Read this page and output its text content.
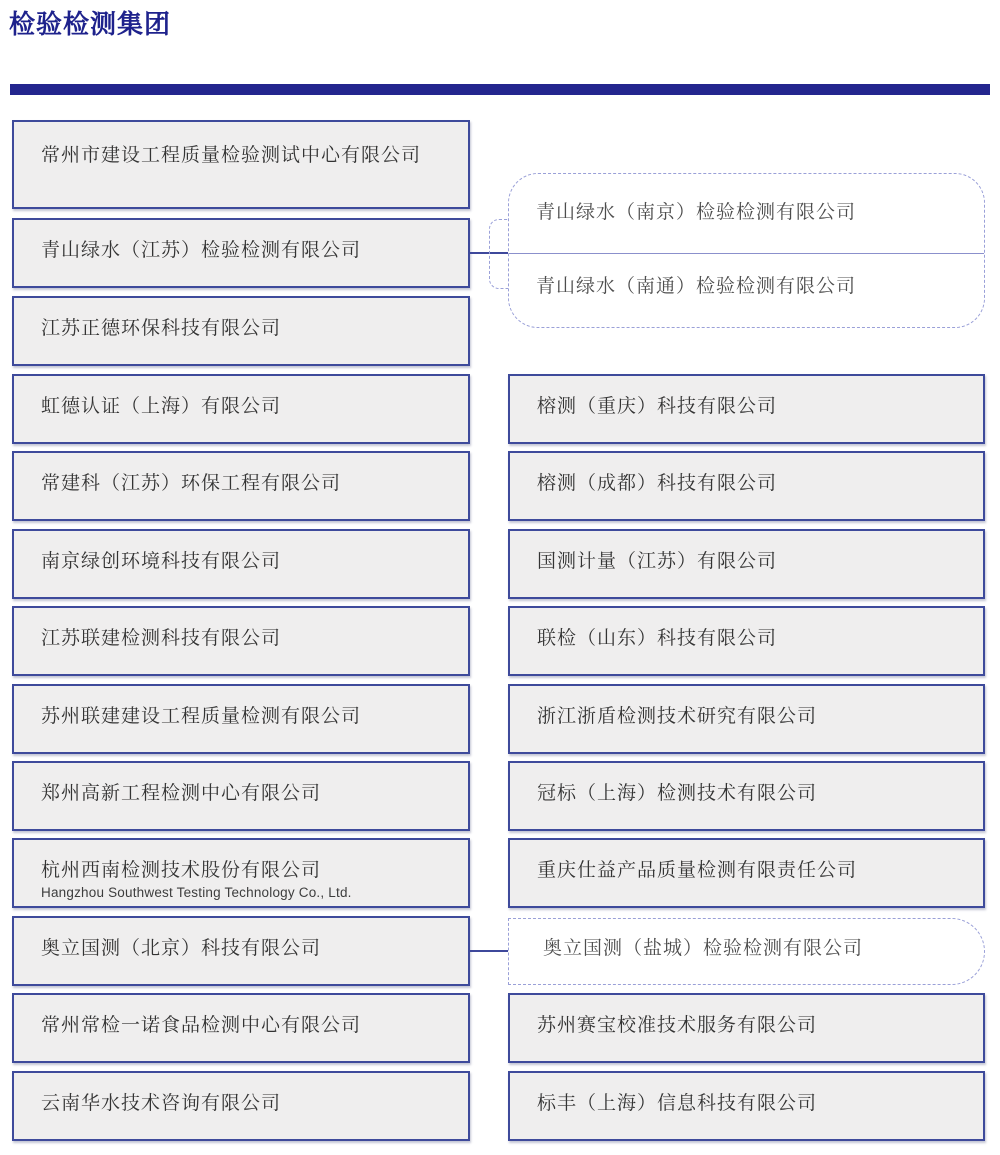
检验检测集团
常州市建设工程质量检验测试中心有限公司
青山绿水（江苏）检验检测有限公司
江苏正德环保科技有限公司
虹德认证（上海）有限公司
常建科（江苏）环保工程有限公司
南京绿创环境科技有限公司
江苏联建检测科技有限公司
苏州联建建设工程质量检测有限公司
郑州高新工程检测中心有限公司
杭州西南检测技术股份有限公司
Hangzhou Southwest Testing Technology Co., Ltd.
奥立国测（北京）科技有限公司
常州常检一诺食品检测中心有限公司
云南华水技术咨询有限公司
青山绿水（南京）检验检测有限公司
青山绿水（南通）检验检测有限公司
榕测（重庆）科技有限公司
榕测（成都）科技有限公司
国测计量（江苏）有限公司
联检（山东）科技有限公司
浙江浙盾检测技术研究有限公司
冠标（上海）检测技术有限公司
重庆仕益产品质量检测有限责任公司
奥立国测（盐城）检验检测有限公司
苏州赛宝校准技术服务有限公司
标丰（上海）信息科技有限公司
